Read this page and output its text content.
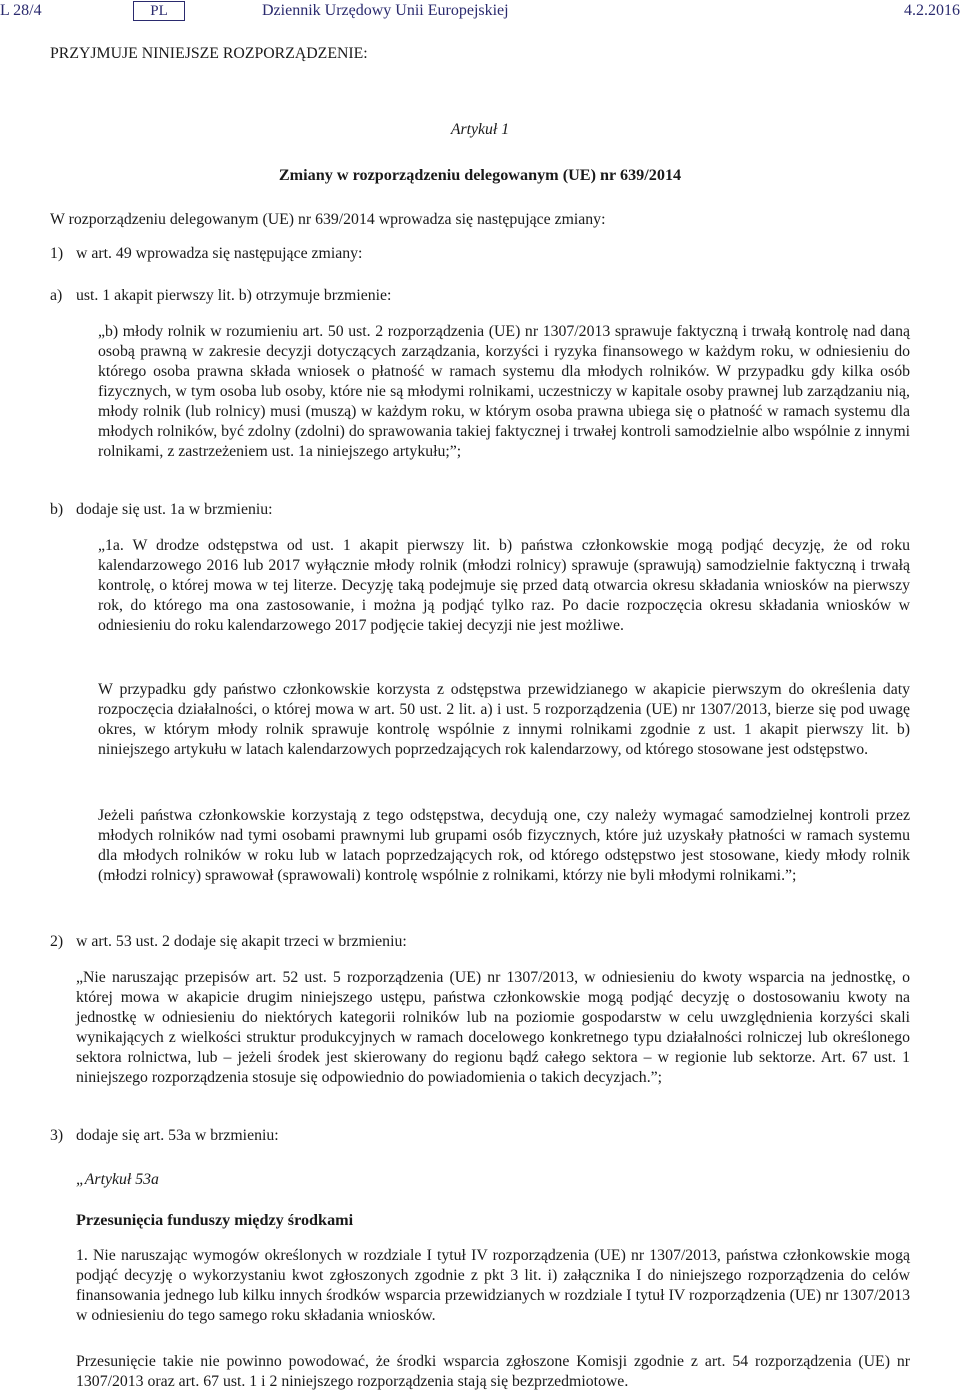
L 28/4	PL	Dziennik Urzędowy Unii Europejskiej	4.2.2016

PRZYJMUJE NINIEJSZE ROZPORZĄDZENIE:

Artykuł 1

Zmiany w rozporządzeniu delegowanym (UE) nr 639/2014

W rozporządzeniu delegowanym (UE) nr 639/2014 wprowadza się następujące zmiany:

1) w art. 49 wprowadza się następujące zmiany:

a) ust. 1 akapit pierwszy lit. b) otrzymuje brzmienie:

„b) młody rolnik w rozumieniu art. 50 ust. 2 rozporządzenia (UE) nr 1307/2013 sprawuje faktyczną i trwałą kontrolę nad daną osobą prawną w zakresie decyzji dotyczących zarządzania, korzyści i ryzyka finansowego w każdym roku, w odniesieniu do którego osoba prawna składa wniosek o płatność w ramach systemu dla młodych rolników. W przypadku gdy kilka osób fizycznych, w tym osoba lub osoby, które nie są młodymi rolnikami, uczestniczy w kapitale osoby prawnej lub zarządzaniu nią, młody rolnik (lub rolnicy) musi (muszą) w każdym roku, w którym osoba prawna ubiega się o płatność w ramach systemu dla młodych rolników, być zdolny (zdolni) do sprawowania takiej faktycznej i trwałej kontroli samodzielnie albo wspólnie z innymi rolnikami, z zastrzeżeniem ust. 1a niniejszego artykułu;”;

b) dodaje się ust. 1a w brzmieniu:

„1a. W drodze odstępstwa od ust. 1 akapit pierwszy lit. b) państwa członkowskie mogą podjąć decyzję, że od roku kalendarzowego 2016 lub 2017 wyłącznie młody rolnik (młodzi rolnicy) sprawuje (sprawują) samodzielnie faktyczną i trwałą kontrolę, o której mowa w tej literze. Decyzję taką podejmuje się przed datą otwarcia okresu składania wniosków na pierwszy rok, do którego ma ona zastosowanie, i można ją podjąć tylko raz. Po dacie rozpoczęcia okresu składania wniosków w odniesieniu do roku kalendarzowego 2017 podjęcie takiej decyzji nie jest możliwe.

W przypadku gdy państwo członkowskie korzysta z odstępstwa przewidzianego w akapicie pierwszym do określenia daty rozpoczęcia działalności, o której mowa w art. 50 ust. 2 lit. a) i ust. 5 rozporządzenia (UE) nr 1307/2013, bierze się pod uwagę okres, w którym młody rolnik sprawuje kontrolę wspólnie z innymi rolnikami zgodnie z ust. 1 akapit pierwszy lit. b) niniejszego artykułu w latach kalendarzowych poprzedzających rok kalendarzowy, od którego stosowane jest odstępstwo.

Jeżeli państwa członkowskie korzystają z tego odstępstwa, decydują one, czy należy wymagać samodzielnej kontroli przez młodych rolników nad tymi osobami prawnymi lub grupami osób fizycznych, które już uzyskały płatności w ramach systemu dla młodych rolników w roku lub w latach poprzedzających rok, od którego odstępstwo jest stosowane, kiedy młody rolnik (młodzi rolnicy) sprawował (sprawowali) kontrolę wspólnie z rolnikami, którzy nie byli młodymi rolnikami.”;

2) w art. 53 ust. 2 dodaje się akapit trzeci w brzmieniu:

„Nie naruszając przepisów art. 52 ust. 5 rozporządzenia (UE) nr 1307/2013, w odniesieniu do kwoty wsparcia na jednostkę, o której mowa w akapicie drugim niniejszego ustępu, państwa członkowskie mogą podjąć decyzję o dostosowaniu kwoty na jednostkę w odniesieniu do niektórych kategorii rolników lub na poziomie gospodarstw w celu uwzględnienia korzyści skali wynikających z wielkości struktur produkcyjnych w ramach docelowego konkretnego typu działalności rolniczej lub określonego sektora rolnictwa, lub – jeżeli środek jest skierowany do regionu bądź całego sektora – w regionie lub sektorze. Art. 67 ust. 1 niniejszego rozporządzenia stosuje się odpowiednio do powiadomienia o takich decyzjach.”;

3) dodaje się art. 53a w brzmieniu:

„Artykuł 53a

Przesunięcia funduszy między środkami

1. Nie naruszając wymogów określonych w rozdziale I tytuł IV rozporządzenia (UE) nr 1307/2013, państwa członkowskie mogą podjąć decyzję o wykorzystaniu kwot zgłoszonych zgodnie z pkt 3 lit. i) załącznika I do niniejszego rozporządzenia do celów finansowania jednego lub kilku innych środków wsparcia przewidzianych w rozdziale I tytuł IV rozporządzenia (UE) nr 1307/2013 w odniesieniu do tego samego roku składania wniosków.

Przesunięcie takie nie powinno powodować, że środki wsparcia zgłoszone Komisji zgodnie z art. 54 rozporządzenia (UE) nr 1307/2013 oraz art. 67 ust. 1 i 2 niniejszego rozporządzenia stają się bezprzedmiotowe.
